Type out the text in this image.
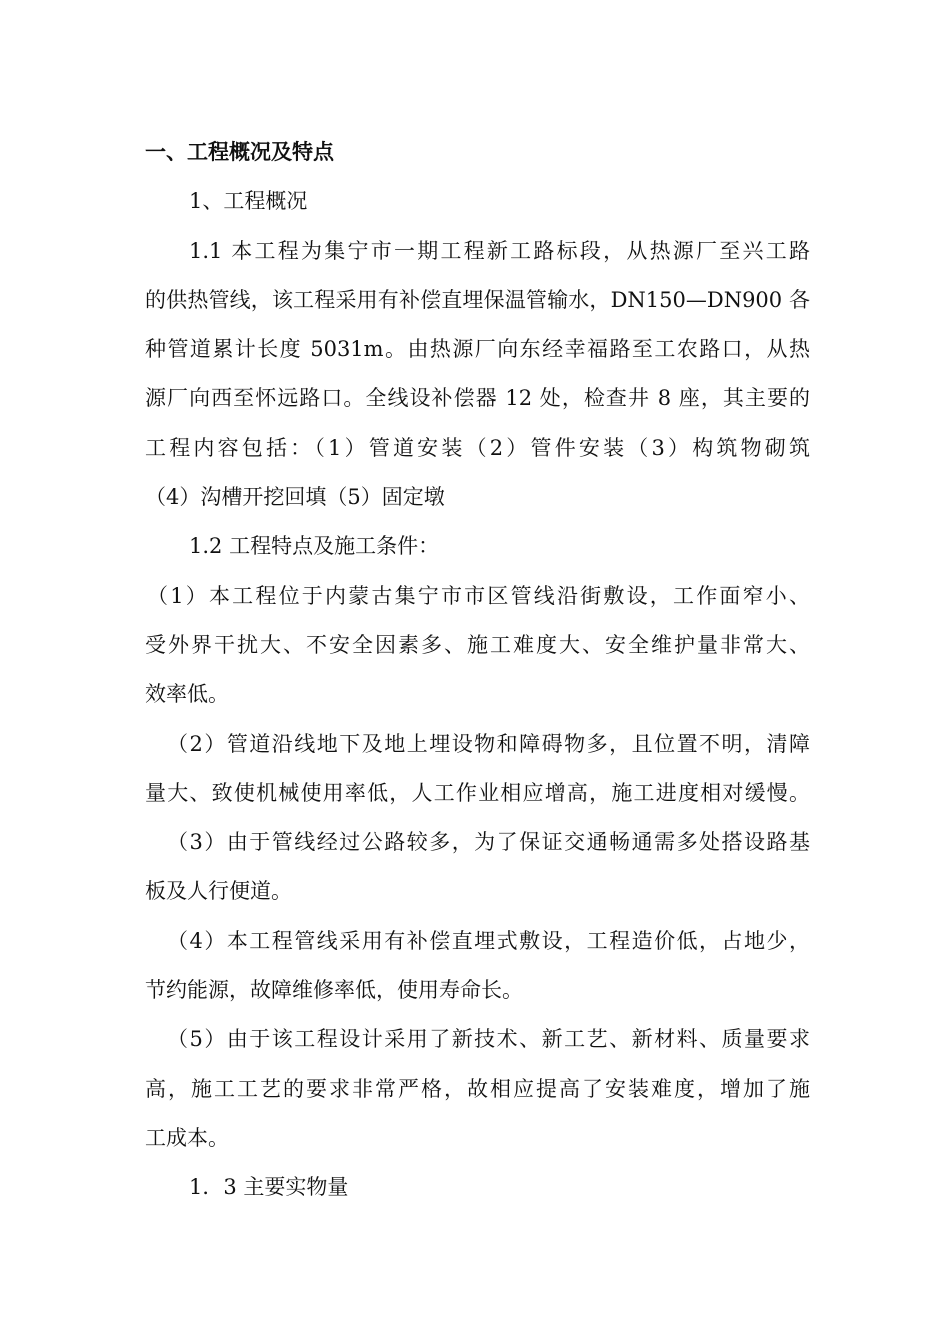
一、工程概况及特点
1、工程概况
1.1 本工程为集宁市一期工程新工路标段，从热源厂至兴工路
的供热管线，该工程采用有补偿直埋保温管输水，DN150—DN900 各
种管道累计长度 5031m。由热源厂向东经幸福路至工农路口，从热
源厂向西至怀远路口。全线设补偿器 12 处，检查井 8 座，其主要的
工程内容包括：（1）管道安装（2）管件安装（3）构筑物砌筑
（4）沟槽开挖回填（5）固定墩
1.2 工程特点及施工条件：
（1）本工程位于内蒙古集宁市市区管线沿街敷设，工作面窄小、
受外界干扰大、不安全因素多、施工难度大、安全维护量非常大、
效率低。
（2）管道沿线地下及地上埋设物和障碍物多，且位置不明，清障
量大、致使机械使用率低，人工作业相应增高，施工进度相对缓慢。
（3）由于管线经过公路较多，为了保证交通畅通需多处搭设路基
板及人行便道。
（4）本工程管线采用有补偿直埋式敷设，工程造价低，占地少，
节约能源，故障维修率低，使用寿命长。
（5）由于该工程设计采用了新技术、新工艺、新材料、质量要求
高，施工工艺的要求非常严格，故相应提高了安装难度，增加了施
工成本。
1．3 主要实物量
